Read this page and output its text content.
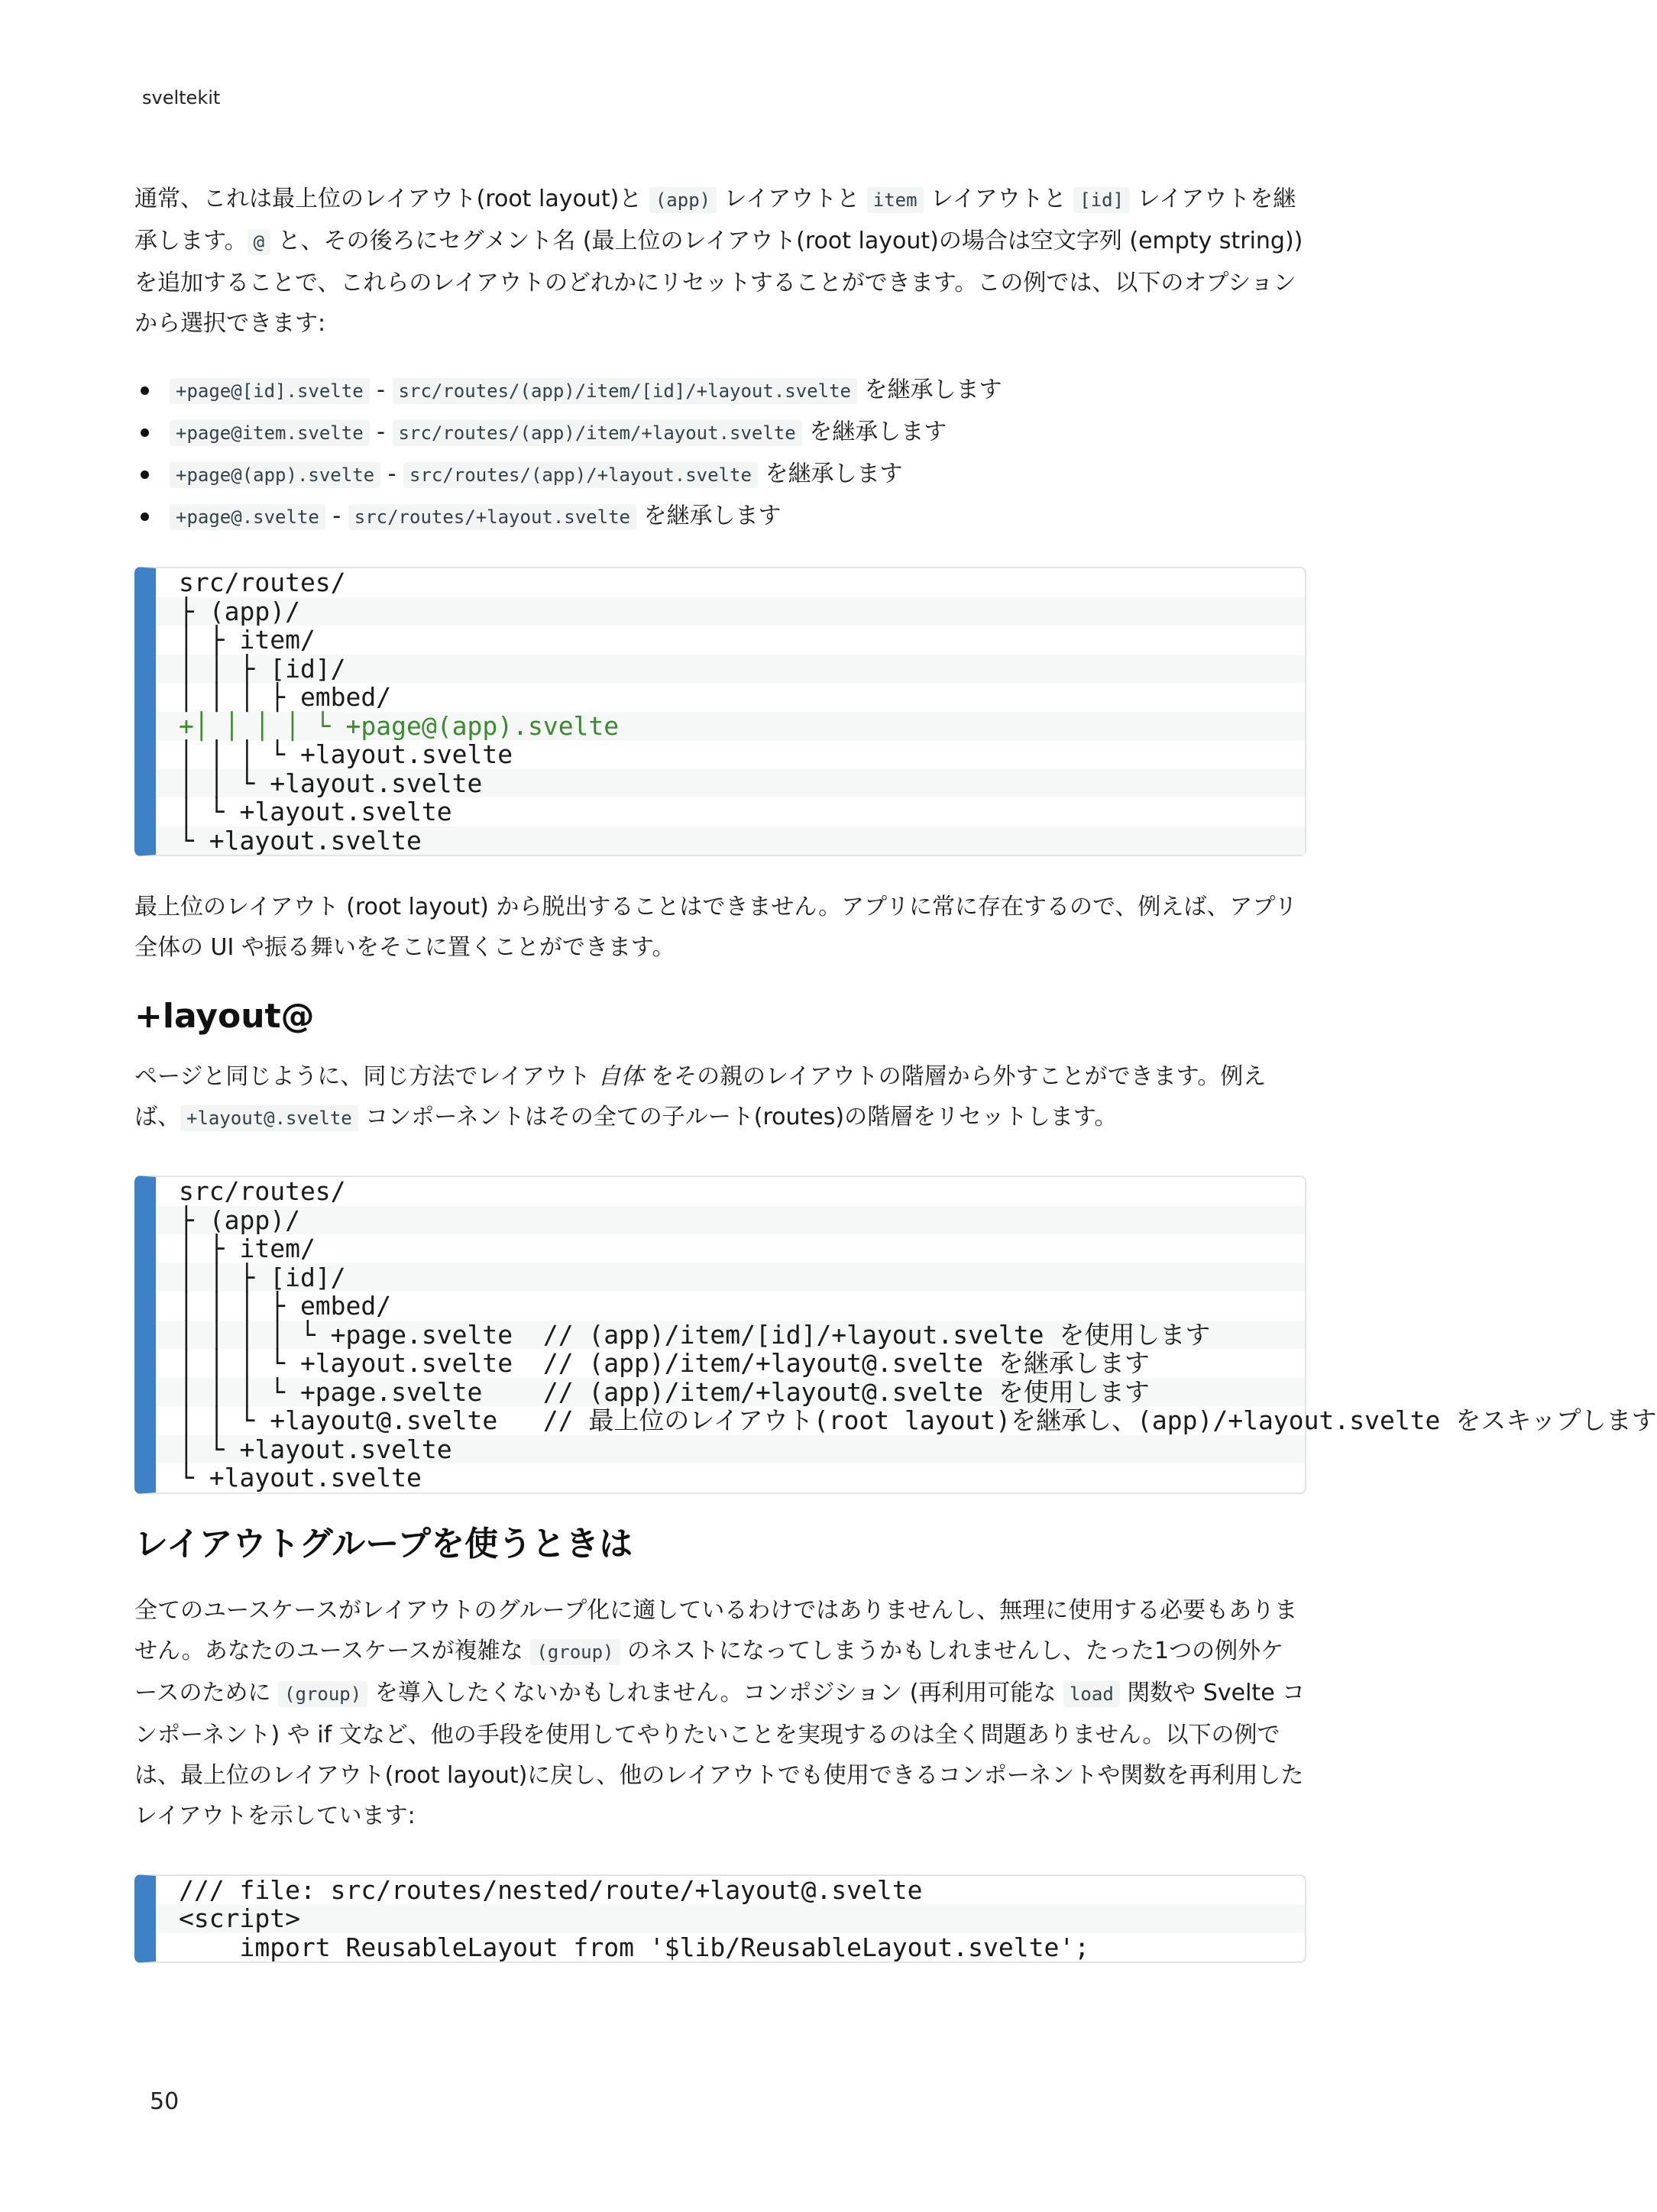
sveltekit

通常、これは最上位のレイアウト(root layout)と (app) レイアウトと item レイアウトと [id] レイアウトを継承します。 @ と、その後ろにセグメント名 (最上位のレイアウト(root layout)の場合は空文字列 (empty string)) を追加することで、これらのレイアウトのどれかにリセットすることができます。この例では、以下のオプションから選択できます:

+page@[id].svelte - src/routes/(app)/item/[id]/+layout.svelte を継承します
+page@item.svelte - src/routes/(app)/item/+layout.svelte を継承します
+page@(app).svelte - src/routes/(app)/+layout.svelte を継承します
+page@.svelte - src/routes/+layout.svelte を継承します
src/routes/
├ (app)/
│ ├ item/
│ │ ├ [id]/
│ │ │ ├ embed/
+│ │ │ │ └ +page@(app).svelte
│ │ │ └ +layout.svelte
│ │ └ +layout.svelte
│ └ +layout.svelte
└ +layout.svelte

最上位のレイアウト (root layout) から脱出することはできません。アプリに常に存在するので、例えば、アプリ全体の UI や振る舞いをそこに置くことができます。

+layout@

ページと同じように、同じ方法でレイアウト 自体 をその親のレイアウトの階層から外すことができます。例えば、 +layout@.svelte コンポーネントはその全ての子ルート(routes)の階層をリセットします。

src/routes/
├ (app)/
│ ├ item/
│ │ ├ [id]/
│ │ │ ├ embed/
│ │ │ │ └ +page.svelte  // (app)/item/[id]/+layout.svelte を使用します
│ │ │ └ +layout.svelte  // (app)/item/+layout@.svelte を継承します
│ │ │ └ +page.svelte    // (app)/item/+layout@.svelte を使用します
│ │ └ +layout@.svelte   // 最上位のレイアウト(root layout)を継承し、(app)/+layout.svelte をスキップします
│ └ +layout.svelte
└ +layout.svelte
レイアウトグループを使うときは

全てのユースケースがレイアウトのグループ化に適しているわけではありませんし、無理に使用する必要もありません。あなたのユースケースが複雑な (group) のネストになってしまうかもしれませんし、たった1つの例外ケースのために (group) を導入したくないかもしれません。コンポジション (再利用可能な load 関数や Svelte コンポーネント) や if 文など、他の手段を使用してやりたいことを実現するのは全く問題ありません。以下の例では、最上位のレイアウト(root layout)に戻し、他のレイアウトでも使用できるコンポーネントや関数を再利用したレイアウトを示しています:

/// file: src/routes/nested/route/+layout@.svelte
<script>
import ReusableLayout from '$lib/ReusableLayout.svelte';
50
